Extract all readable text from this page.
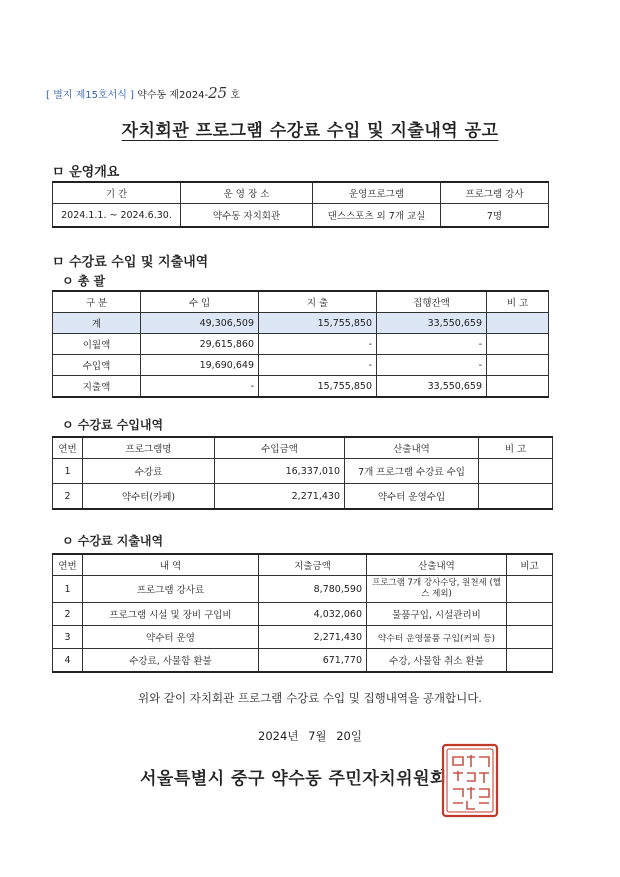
[ 별지 제15호서식 ] 약수동 제2024-25 호
자치회관 프로그램 수강료 수입 및 지출내역 공고
ㅁ 운영개요
기 간	운 영 장 소	운영프로그램	프로그램 강사
2024.1.1. ~ 2024.6.30.	약수동 자치회관	댄스스포츠 외 7개 교실	7명
ㅁ 수강료 수입 및 지출내역
ㅇ 총 괄
구 분	수 입	지 출	집행잔액	비 고
계	49,306,509	15,755,850	33,550,659	
이월액	29,615,860	-	-	
수입액	19,690,649	-	-	
지출액	-	15,755,850	33,550,659	
ㅇ 수강료 수입내역
연번	프로그램명	수입금액	산출내역	비 고
1	수강료	16,337,010	7개 프로그램 수강료 수입	
2	약수터(카페)	2,271,430	약수터 운영수입	
ㅇ 수강료 지출내역
연번	내 역	지출금액	산출내역	비고
1	프로그램 강사료	8,780,590	프로그램 7개 강사수당, 원천세 (헬스 제외)	
2	프로그램 시설 및 장비 구입비	4,032,060	물품구입, 시설관리비	
3	약수터 운영	2,271,430	약수터 운영물품 구입(커피 등)	
4	수강료, 사물함 환불	671,770	수강, 사물함 취소 환불	
위와 같이 자치회관 프로그램 수강료 수입 및 집행내역을 공개합니다.
2024년 7월 20일
서울특별시 중구 약수동 주민자치위원회
